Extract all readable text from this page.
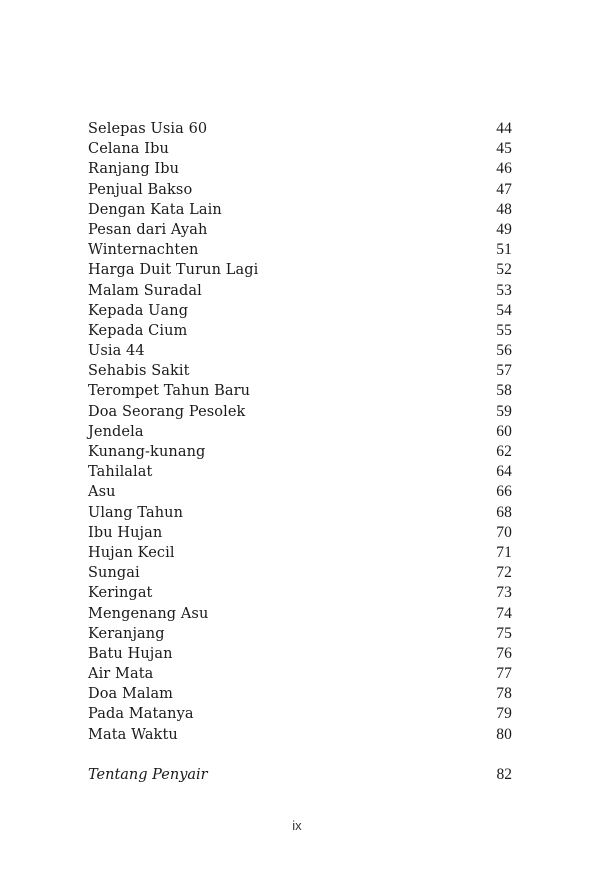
Selepas Usia 60	44
Celana Ibu	45
Ranjang Ibu	46
Penjual Bakso	47
Dengan Kata Lain	48
Pesan dari Ayah	49
Winternachten	51
Harga Duit Turun Lagi	52
Malam Suradal	53
Kepada Uang	54
Kepada Cium	55
Usia 44	56
Sehabis Sakit	57
Terompet Tahun Baru	58
Doa Seorang Pesolek	59
Jendela	60
Kunang-kunang	62
Tahilalat	64
Asu	66
Ulang Tahun	68
Ibu Hujan	70
Hujan Kecil	71
Sungai	72
Keringat	73
Mengenang Asu	74
Keranjang	75
Batu Hujan	76
Air Mata	77
Doa Malam	78
Pada Matanya	79
Mata Waktu	80
Tentang Penyair	82
ix
